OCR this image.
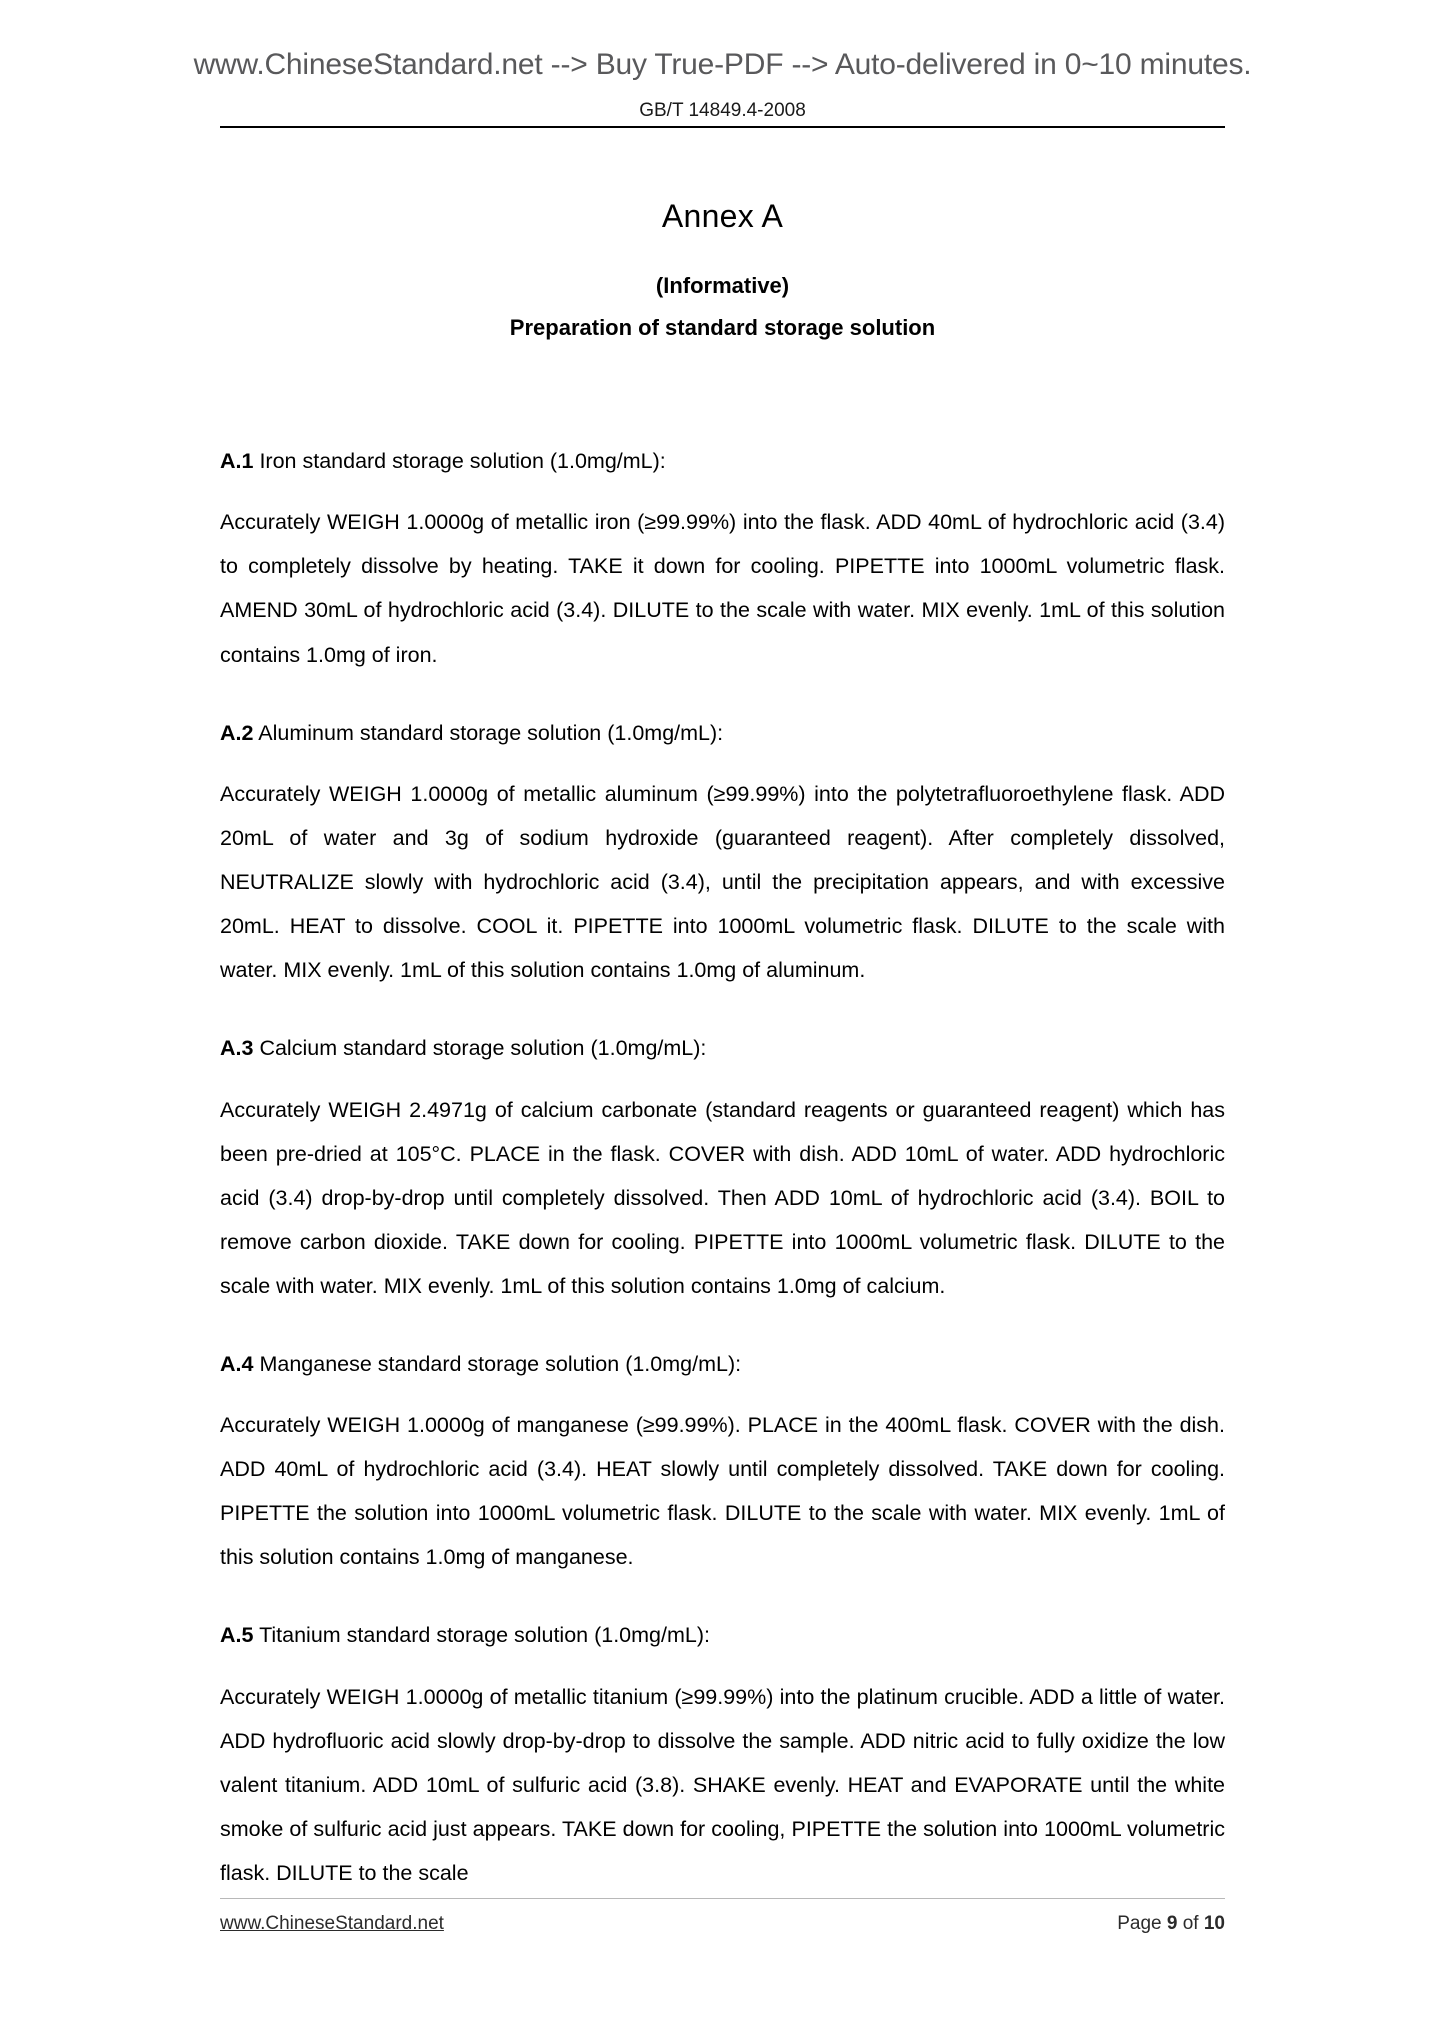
www.ChineseStandard.net --> Buy True-PDF --> Auto-delivered in 0~10 minutes.
GB/T 14849.4-2008
Annex A
(Informative)
Preparation of standard storage solution

A.1 Iron standard storage solution (1.0mg/mL):

Accurately WEIGH 1.0000g of metallic iron (≥99.99%) into the flask. ADD 40mL of hydrochloric acid (3.4) to completely dissolve by heating. TAKE it down for cooling. PIPETTE into 1000mL volumetric flask. AMEND 30mL of hydrochloric acid (3.4). DILUTE to the scale with water. MIX evenly. 1mL of this solution contains 1.0mg of iron.

A.2 Aluminum standard storage solution (1.0mg/mL):

Accurately WEIGH 1.0000g of metallic aluminum (≥99.99%) into the polytetrafluoroethylene flask. ADD 20mL of water and 3g of sodium hydroxide (guaranteed reagent). After completely dissolved, NEUTRALIZE slowly with hydrochloric acid (3.4), until the precipitation appears, and with excessive 20mL. HEAT to dissolve. COOL it. PIPETTE into 1000mL volumetric flask. DILUTE to the scale with water. MIX evenly. 1mL of this solution contains 1.0mg of aluminum.

A.3 Calcium standard storage solution (1.0mg/mL):

Accurately WEIGH 2.4971g of calcium carbonate (standard reagents or guaranteed reagent) which has been pre-dried at 105°C. PLACE in the flask. COVER with dish. ADD 10mL of water. ADD hydrochloric acid (3.4) drop-by-drop until completely dissolved. Then ADD 10mL of hydrochloric acid (3.4). BOIL to remove carbon dioxide. TAKE down for cooling. PIPETTE into 1000mL volumetric flask. DILUTE to the scale with water. MIX evenly. 1mL of this solution contains 1.0mg of calcium.

A.4 Manganese standard storage solution (1.0mg/mL):

Accurately WEIGH 1.0000g of manganese (≥99.99%). PLACE in the 400mL flask. COVER with the dish. ADD 40mL of hydrochloric acid (3.4). HEAT slowly until completely dissolved. TAKE down for cooling. PIPETTE the solution into 1000mL volumetric flask. DILUTE to the scale with water. MIX evenly. 1mL of this solution contains 1.0mg of manganese.

A.5 Titanium standard storage solution (1.0mg/mL):

Accurately WEIGH 1.0000g of metallic titanium (≥99.99%) into the platinum crucible. ADD a little of water. ADD hydrofluoric acid slowly drop-by-drop to dissolve the sample. ADD nitric acid to fully oxidize the low valent titanium. ADD 10mL of sulfuric acid (3.8). SHAKE evenly. HEAT and EVAPORATE until the white smoke of sulfuric acid just appears. TAKE down for cooling, PIPETTE the solution into 1000mL volumetric flask. DILUTE to the scale

www.ChineseStandard.net	Page 9 of 10
